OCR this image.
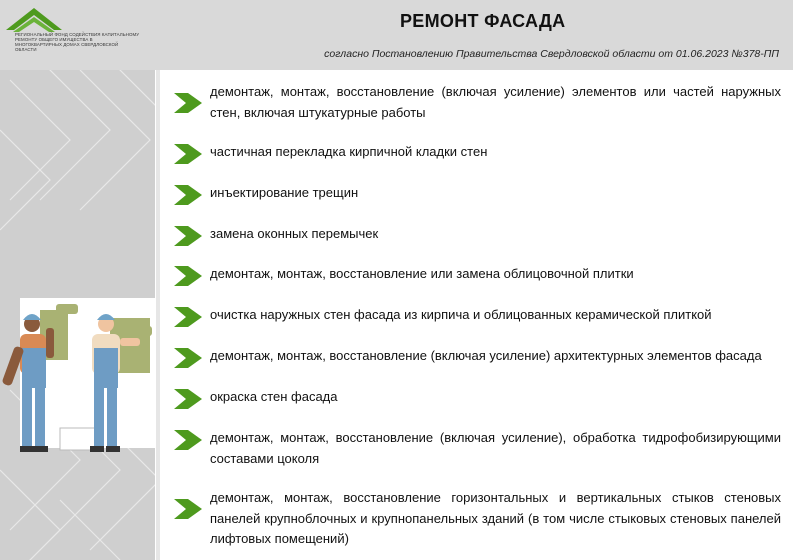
РЕГИОНАЛЬНЫЙ ФОНД СОДЕЙСТВИЯ КАПИТАЛЬНОМУ РЕМОНТУ ОБЩЕГО ИМУЩЕСТВА В МНОГОКВАРТИРНЫХ ДОМАХ СВЕРДЛОВСКОЙ ОБЛАСТИ
РЕМОНТ ФАСАДА
согласно Постановлению Правительства Свердловской области от 01.06.2023 №378-ПП
демонтаж, монтаж, восстановление (включая усиление) элементов или частей наружных стен, включая штукатурные работы
частичная перекладка кирпичной кладки стен
инъектирование трещин
замена оконных перемычек
демонтаж, монтаж, восстановление или замена облицовочной плитки
очистка наружных стен фасада из кирпича и облицованных керамической плиткой
демонтаж, монтаж, восстановление (включая усиление) архитектурных элементов фасада
окраска стен фасада
демонтаж, монтаж, восстановление (включая усиление), обработка тидрофобизирующими составами цоколя
демонтаж, монтаж, восстановление горизонтальных и вертикальных стыков стеновых панелей крупноблочных и крупнопанельных зданий (в том числе стыковых стеновых панелей лифтовых помещений)
